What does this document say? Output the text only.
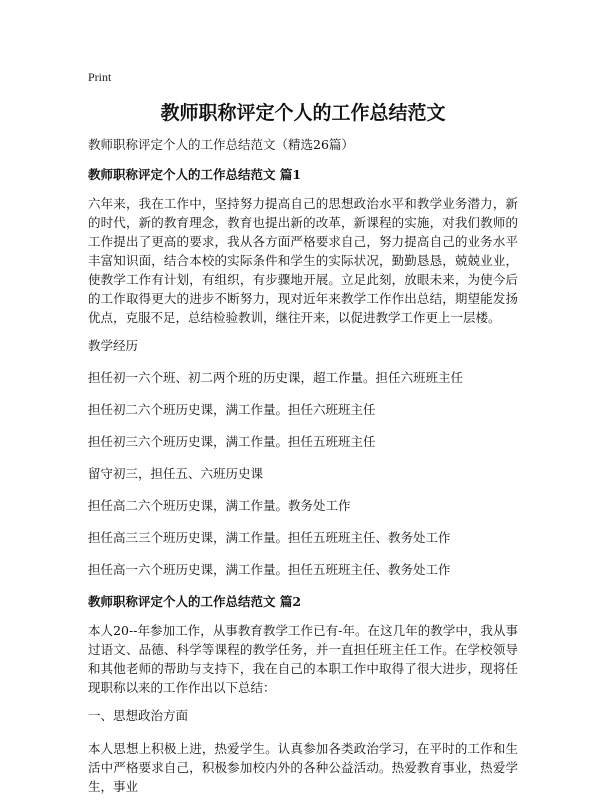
Print
教师职称评定个人的工作总结范文

教师职称评定个人的工作总结范文（精选26篇）

教师职称评定个人的工作总结范文 篇1

六年来，我在工作中，坚持努力提高自己的思想政治水平和教学业务潜力，新的时代，新的教育理念，教育也提出新的改革，新课程的实施，对我们教师的工作提出了更高的要求，我从各方面严格要求自己，努力提高自己的业务水平丰富知识面，结合本校的实际条件和学生的实际状况，勤勤恳恳，兢兢业业，使教学工作有计划，有组织，有步骤地开展。立足此刻，放眼未来，为使今后的工作取得更大的进步不断努力，现对近年来教学工作作出总结，期望能发扬优点，克服不足，总结检验教训，继往开来，以促进教学工作更上一层楼。

教学经历

担任初一六个班、初二两个班的历史课，超工作量。担任六班班主任

担任初二六个班历史课，满工作量。担任六班班主任

担任初三六个班历史课，满工作量。担任五班班主任

留守初三，担任五、六班历史课

担任高二六个班历史课，满工作量。教务处工作

担任高三三个班历史课，满工作量。担任五班班主任、教务处工作

担任高一六个班历史课，满工作量。担任五班班主任、教务处工作

教师职称评定个人的工作总结范文 篇2

本人20--年参加工作，从事教育教学工作已有-年。在这几年的教学中，我从事过语文、品德、科学等课程的教学任务，并一直担任班主任工作。在学校领导和其他老师的帮助与支持下，我在自己的本职工作中取得了很大进步，现将任现职称以来的工作作出以下总结：

一、思想政治方面

本人思想上积极上进，热爱学生。认真参加各类政治学习，在平时的工作和生活中严格要求自己，积极参加校内外的各种公益活动。热爱教育事业，热爱学生，事业
